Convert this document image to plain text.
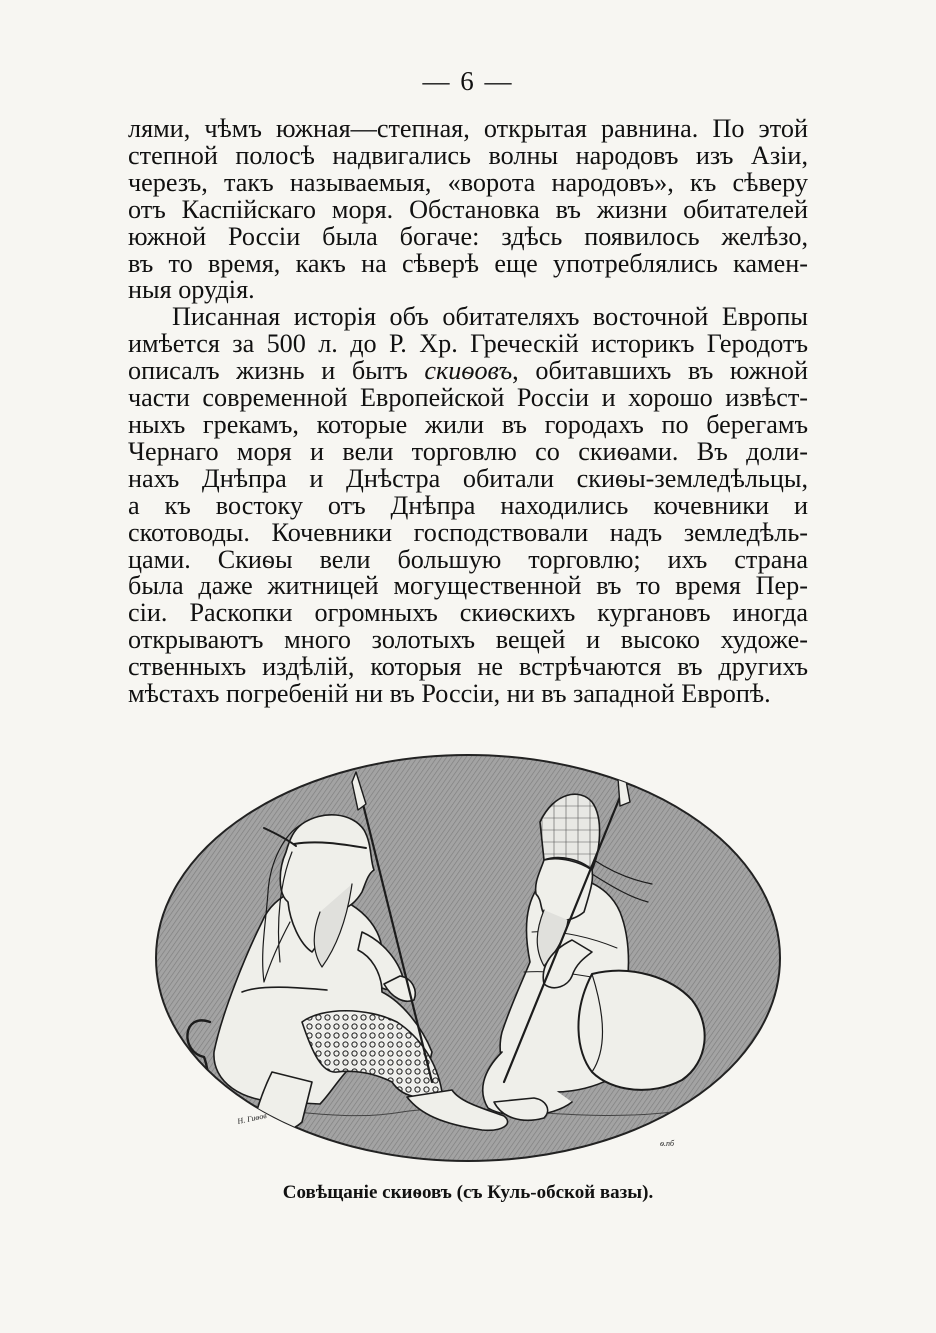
— 6 —
лями, чѣмъ южная—степная, открытая равнина. По этой
степной полосѣ надвигались волны народовъ изъ Азіи,
черезъ, такъ называемыя, «ворота народовъ», къ сѣверу
отъ Каспійскаго моря. Обстановка въ жизни обитателей
южной Россіи была богаче: здѣсь появилось желѣзо,
въ то время, какъ на сѣверѣ еще употреблялись камен-
ныя орудія.
Писанная исторія объ обитателяхъ восточной Европы
имѣется за 500 л. до Р. Хр. Греческій историкъ Геродотъ
описалъ жизнь и бытъ скиѳовъ, обитавшихъ въ южной
части современной Европейской Россіи и хорошо извѣст-
ныхъ грекамъ, которые жили въ городахъ по берегамъ
Чернаго моря и вели торговлю со скиѳами. Въ доли-
нахъ Днѣпра и Днѣстра обитали скиѳы-земледѣльцы,
а къ востоку отъ Днѣпра находились кочевники и
скотоводы. Кочевники господствовали надъ земледѣль-
цами. Скиѳы вели большую торговлю; ихъ страна
была даже житницей могущественной въ то время Пер-
сіи. Раскопки огромныхъ скиѳскихъ кургановъ иногда
открываютъ много золотыхъ вещей и высоко художе-
ственныхъ издѣлій, которыя не встрѣчаются въ другихъ
мѣстахъ погребеній ни въ Россіи, ни въ западной Европѣ.
Н. Гиѳов
ѳ.пб
Совѣщаніе скиѳовъ (съ Куль-обской вазы).
